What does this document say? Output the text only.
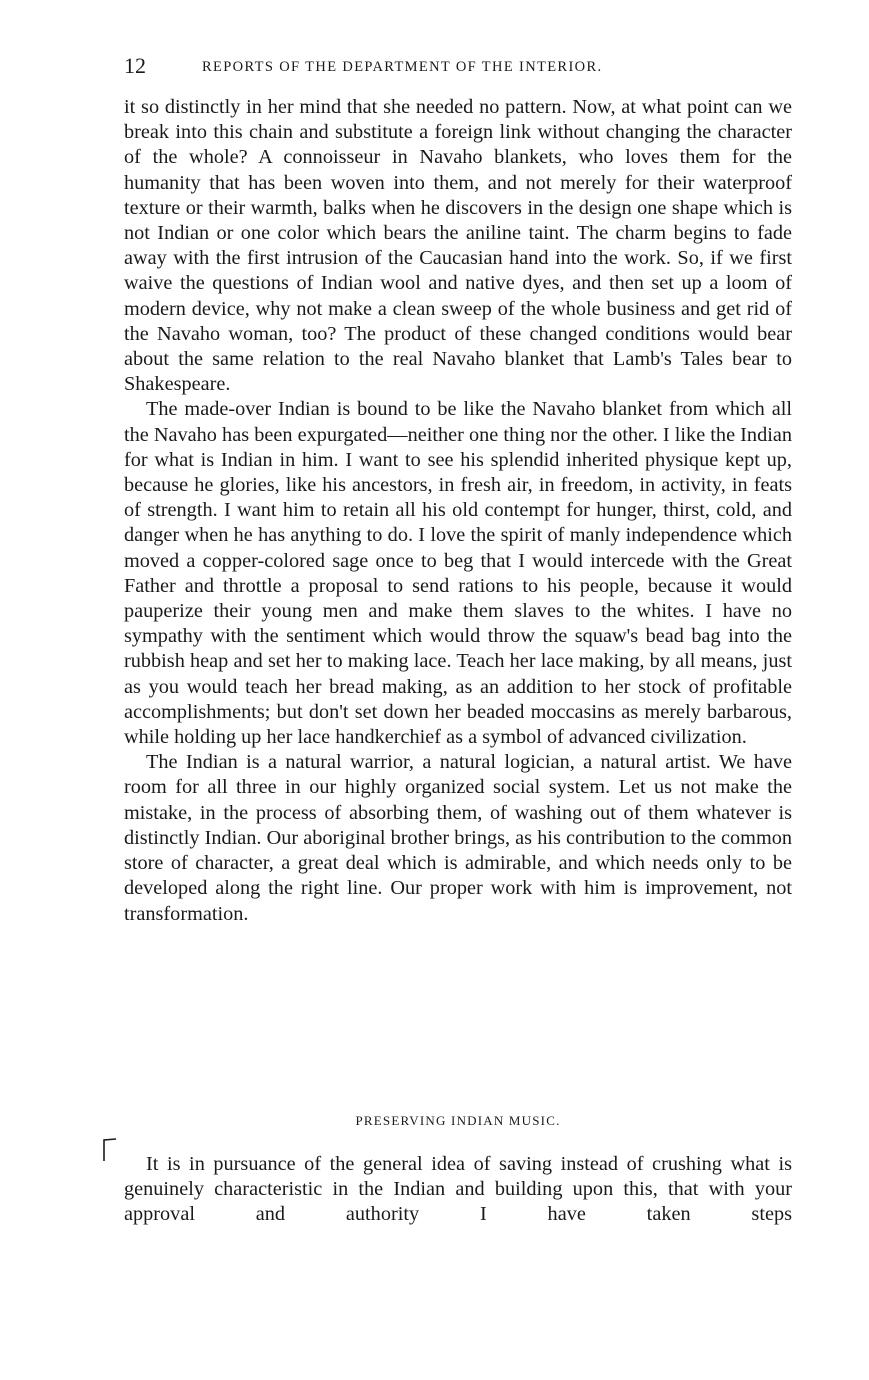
12	REPORTS OF THE DEPARTMENT OF THE INTERIOR.

it so distinctly in her mind that she needed no pattern. Now, at what point can we break into this chain and substitute a foreign link without changing the character of the whole? A connoisseur in Navaho blankets, who loves them for the humanity that has been woven into them, and not merely for their waterproof texture or their warmth, balks when he discovers in the design one shape which is not Indian or one color which bears the aniline taint. The charm begins to fade away with the first intrusion of the Caucasian hand into the work. So, if we first waive the questions of Indian wool and native dyes, and then set up a loom of modern device, why not make a clean sweep of the whole business and get rid of the Navaho woman, too? The product of these changed conditions would bear about the same relation to the real Navaho blanket that Lamb's Tales bear to Shakespeare.

The made-over Indian is bound to be like the Navaho blanket from which all the Navaho has been expurgated—neither one thing nor the other. I like the Indian for what is Indian in him. I want to see his splendid inherited physique kept up, because he glories, like his ancestors, in fresh air, in freedom, in activity, in feats of strength. I want him to retain all his old contempt for hunger, thirst, cold, and danger when he has anything to do. I love the spirit of manly independence which moved a copper-colored sage once to beg that I would intercede with the Great Father and throttle a proposal to send rations to his people, because it would pauperize their young men and make them slaves to the whites. I have no sympathy with the sentiment which would throw the squaw's bead bag into the rubbish heap and set her to making lace. Teach her lace making, by all means, just as you would teach her bread making, as an addition to her stock of profitable accomplishments; but don't set down her beaded moccasins as merely barbarous, while holding up her lace handkerchief as a symbol of advanced civilization.

The Indian is a natural warrior, a natural logician, a natural artist. We have room for all three in our highly organized social system. Let us not make the mistake, in the process of absorbing them, of washing out of them whatever is distinctly Indian. Our aboriginal brother brings, as his contribution to the common store of character, a great deal which is admirable, and which needs only to be developed along the right line. Our proper work with him is improvement, not transformation.

PRESERVING INDIAN MUSIC.

It is in pursuance of the general idea of saving instead of crushing what is genuinely characteristic in the Indian and building upon this, that with your approval and authority I have taken steps
